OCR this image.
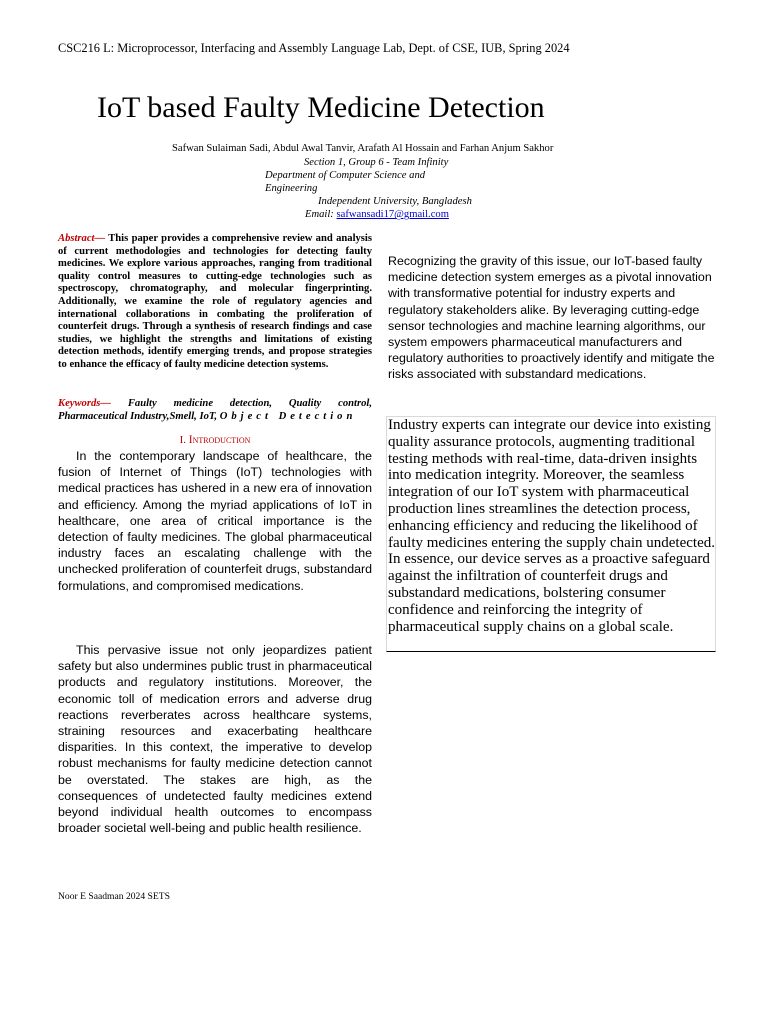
CSC216 L: Microprocessor, Interfacing and Assembly Language Lab, Dept. of CSE, IUB, Spring 2024
IoT based Faulty Medicine Detection
Safwan Sulaiman Sadi, Abdul Awal Tanvir, Arafath Al Hossain and Farhan Anjum Sakhor
Section 1, Group 6 - Team Infinity
Department of Computer Science and Engineering
Independent University, Bangladesh
Email: safwansadi17@gmail.com
Abstract— This paper provides a comprehensive review and analysis of current methodologies and technologies for detecting faulty medicines. We explore various approaches, ranging from traditional quality control measures to cutting-edge technologies such as spectroscopy, chromatography, and molecular fingerprinting. Additionally, we examine the role of regulatory agencies and international collaborations in combating the proliferation of counterfeit drugs. Through a synthesis of research findings and case studies, we highlight the strengths and limitations of existing detection methods, identify emerging trends, and propose strategies to enhance the efficacy of faulty medicine detection systems.
Keywords— Faulty medicine detection, Quality control, Pharmaceutical Industry,Smell, IoT, Object Detection
I. Introduction
In the contemporary landscape of healthcare, the fusion of Internet of Things (IoT) technologies with medical practices has ushered in a new era of innovation and efficiency. Among the myriad applications of IoT in healthcare, one area of critical importance is the detection of faulty medicines. The global pharmaceutical industry faces an escalating challenge with the unchecked proliferation of counterfeit drugs, substandard formulations, and compromised medications.
This pervasive issue not only jeopardizes patient safety but also undermines public trust in pharmaceutical products and regulatory institutions. Moreover, the economic toll of medication errors and adverse drug reactions reverberates across healthcare systems, straining resources and exacerbating healthcare disparities. In this context, the imperative to develop robust mechanisms for faulty medicine detection cannot be overstated. The stakes are high, as the consequences of undetected faulty medicines extend beyond individual health outcomes to encompass broader societal well-being and public health resilience.
Recognizing the gravity of this issue, our IoT-based faulty medicine detection system emerges as a pivotal innovation with transformative potential for industry experts and regulatory stakeholders alike. By leveraging cutting-edge sensor technologies and machine learning algorithms, our system empowers pharmaceutical manufacturers and regulatory authorities to proactively identify and mitigate the risks associated with substandard medications.
Industry experts can integrate our device into existing quality assurance protocols, augmenting traditional testing methods with real-time, data-driven insights into medication integrity. Moreover, the seamless integration of our IoT system with pharmaceutical production lines streamlines the detection process, enhancing efficiency and reducing the likelihood of faulty medicines entering the supply chain undetected. In essence, our device serves as a proactive safeguard against the infiltration of counterfeit drugs and substandard medications, bolstering consumer confidence and reinforcing the integrity of pharmaceutical supply chains on a global scale.
Noor E Saadman 2024 SETS
